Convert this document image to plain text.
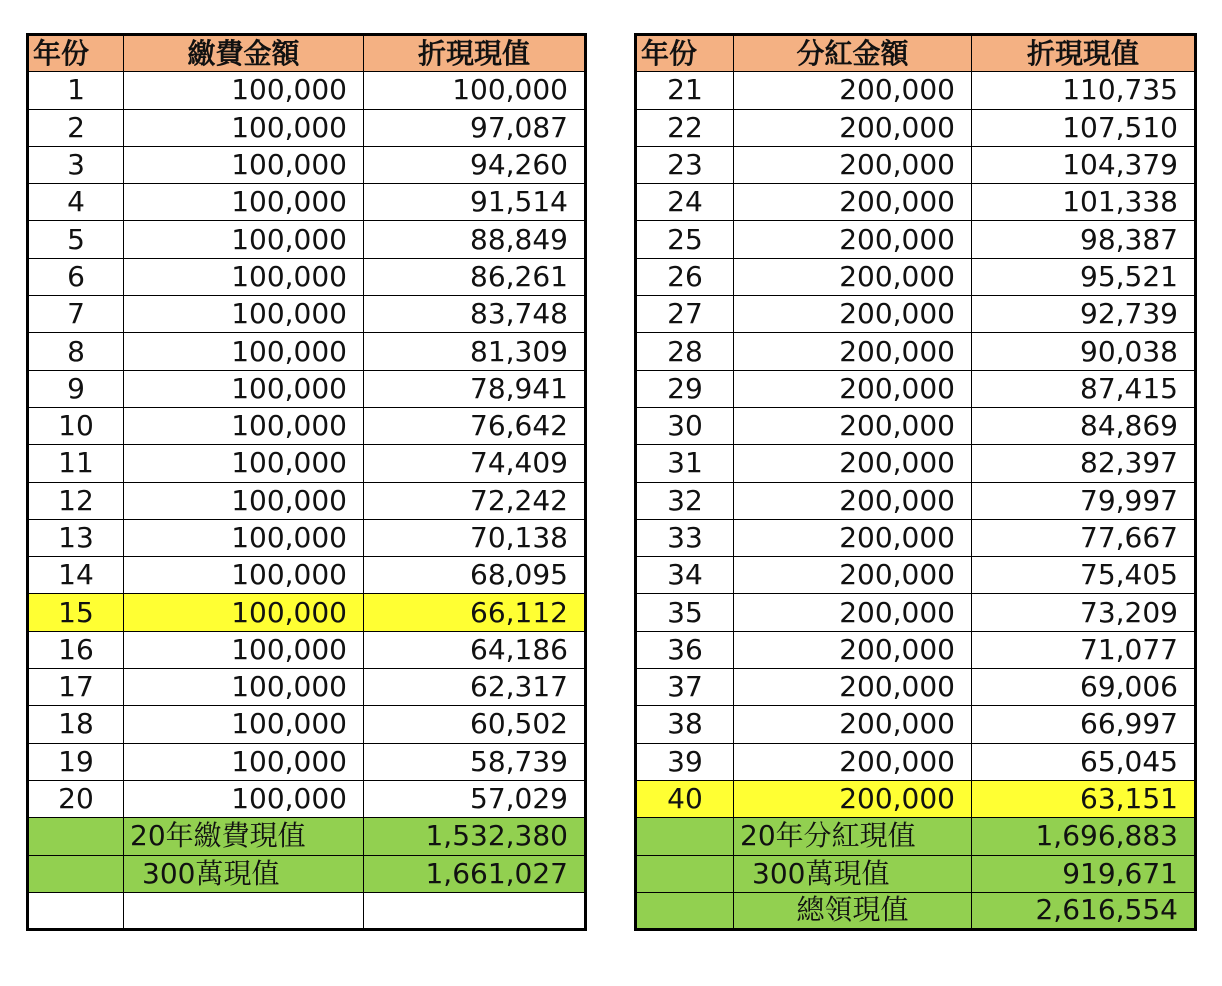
年份	繳費金額	折現現值
1	100,000	100,000
2	100,000	97,087
3	100,000	94,260
4	100,000	91,514
5	100,000	88,849
6	100,000	86,261
7	100,000	83,748
8	100,000	81,309
9	100,000	78,941
10	100,000	76,642
11	100,000	74,409
12	100,000	72,242
13	100,000	70,138
14	100,000	68,095
15	100,000	66,112
16	100,000	64,186
17	100,000	62,317
18	100,000	60,502
19	100,000	58,739
20	100,000	57,029
	20年繳費現值	1,532,380
	300萬現值	1,661,027

年份	分紅金額	折現現值
21	200,000	110,735
22	200,000	107,510
23	200,000	104,379
24	200,000	101,338
25	200,000	98,387
26	200,000	95,521
27	200,000	92,739
28	200,000	90,038
29	200,000	87,415
30	200,000	84,869
31	200,000	82,397
32	200,000	79,997
33	200,000	77,667
34	200,000	75,405
35	200,000	73,209
36	200,000	71,077
37	200,000	69,006
38	200,000	66,997
39	200,000	65,045
40	200,000	63,151
	20年分紅現值	1,696,883
	300萬現值	919,671
	總領現值	2,616,554
